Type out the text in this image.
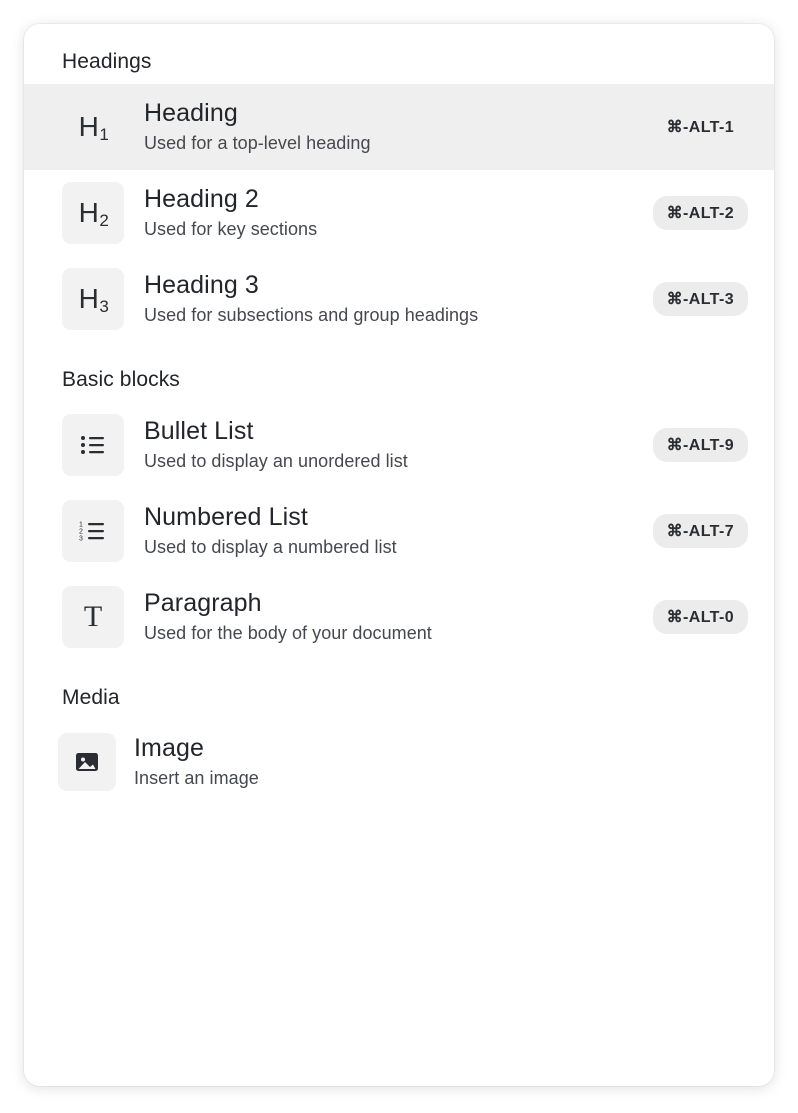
Headings
$H_1$
Heading
Used for a top-level heading
⌘-ALT-1
$H_2$
Heading 2
Used for key sections
⌘-ALT-2
$H_3$
Heading 3
Used for subsections and group headings
⌘-ALT-3
Basic blocks
Bullet List
Used to display an unordered list
⌘-ALT-9
1
2
3
Numbered List
Used to display a numbered list
⌘-ALT-7
T Paragraph
Used for the body of your document
⌘-ALT-0
Media
Image
Insert an image
